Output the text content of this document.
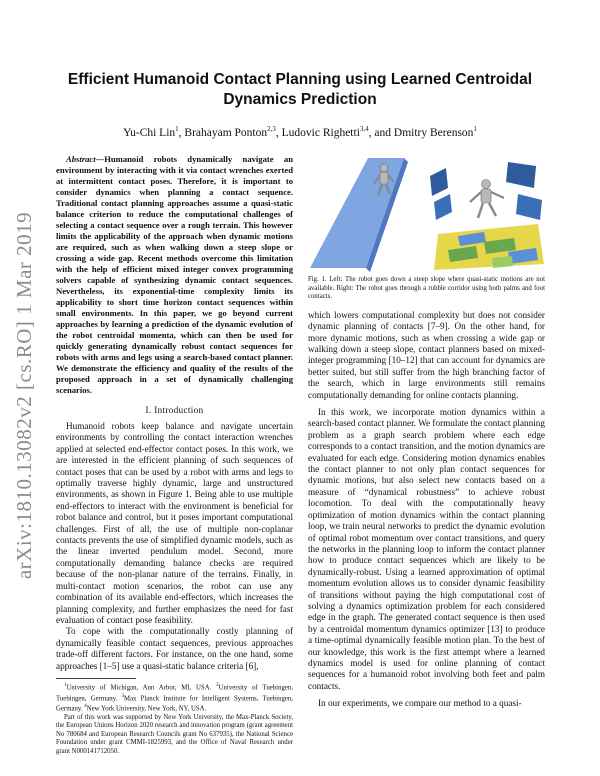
arXiv:1810.13082v2 [cs.RO] 1 Mar 2019
Efficient Humanoid Contact Planning using Learned Centroidal Dynamics Prediction
Yu-Chi Lin$^1$, Brahayam Ponton$^{2,3}$, Ludovic Righetti$^{3,4}$, and Dmitry Berenson$^1$

Abstract—Humanoid robots dynamically navigate an environment by interacting with it via contact wrenches exerted at intermittent contact poses. Therefore, it is important to consider dynamics when planning a contact sequence. Traditional contact planning approaches assume a quasi-static balance criterion to reduce the computational challenges of selecting a contact sequence over a rough terrain. This however limits the applicability of the approach when dynamic motions are required, such as when walking down a steep slope or crossing a wide gap. Recent methods overcome this limitation with the help of efficient mixed integer convex programming solvers capable of synthesizing dynamic contact sequences. Nevertheless, its exponential-time complexity limits its applicability to short time horizon contact sequences within small environments. In this paper, we go beyond current approaches by learning a prediction of the dynamic evolution of the robot centroidal momenta, which can then be used for quickly generating dynamically robust contact sequences for robots with arms and legs using a search-based contact planner. We demonstrate the efficiency and quality of the results of the proposed approach in a set of dynamically challenging scenarios.

I. Introduction

Humanoid robots keep balance and navigate uncertain environments by controlling the contact interaction wrenches applied at selected end-effector contact poses. In this work, we are interested in the efficient planning of such sequences of contact poses that can be used by a robot with arms and legs to optimally traverse highly dynamic, large and unstructured environments, as shown in Figure 1. Being able to use multiple end-effectors to interact with the environment is beneficial for robot balance and control, but it poses important computational challenges. First of all, the use of multiple non-coplanar contacts prevents the use of simplified dynamic models, such as the linear inverted pendulum model. Second, more computationally demanding balance checks are required because of the non-planar nature of the terrains. Finally, in multi-contact motion scenarios, the robot can use any combination of its available end-effectors, which increases the planning complexity, and further emphasizes the need for fast evaluation of contact pose feasibility.

To cope with the computationally costly planning of dynamically feasible contact sequences, previous approaches trade-off different factors. For instance, on the one hand, some approaches [1–5] use a quasi-static balance criteria [6],

$^1$University of Michigan, Ann Arbor, MI, USA. $^2$University of Tuebingen, Tuebingen, Germany. $^3$Max Planck Institute for Intelligent Systems, Tuebingen, Germany. $^4$New York University, New York, NY, USA.

Part of this work was supported by New York University, the Max-Planck Society, the European Unions Horizon 2020 research and innovation program (grant agreement No 780684 and European Research Councils grant No 637935), the National Science Foundation under grant CMMI-1825993, and the Office of Naval Research under grant N000141712050.

Fig. 1. Left: The robot goes down a steep slope where quasi-static motions are not available. Right: The robot goes through a rubble corridor using both palms and foot contacts.

which lowers computational complexity but does not consider dynamic planning of contacts [7–9]. On the other hand, for more dynamic motions, such as when crossing a wide gap or walking down a steep slope, contact planners based on mixed-integer programming [10–12] that can account for dynamics are better suited, but still suffer from the high branching factor of the search, which in large environments still remains computationally demanding for online contacts planning.

In this work, we incorporate motion dynamics within a search-based contact planner. We formulate the contact planning problem as a graph search problem where each edge corresponds to a contact transition, and the motion dynamics are evaluated for each edge. Considering motion dynamics enables the contact planner to not only plan contact sequences for dynamic motions, but also select new contacts based on a measure of “dynamical robustness” to achieve robust locomotion. To deal with the computationally heavy optimization of motion dynamics within the contact planning loop, we train neural networks to predict the dynamic evolution of optimal robot momentum over contact transitions, and query the networks in the planning loop to inform the contact planner how to produce contact sequences which are likely to be dynamically-robust. Using a learned approximation of optimal momentum evolution allows us to consider dynamic feasibility of transitions without paying the high computational cost of solving a dynamics optimization problem for each considered edge in the graph. The generated contact sequence is then used by a centroidal momentum dynamics optimizer [13] to produce a time-optimal dynamically feasible motion plan. To the best of our knowledge, this work is the first attempt where a learned dynamics model is used for online planning of contact sequences for a humanoid robot involving both feet and palm contacts.

In our experiments, we compare our method to a quasi-
